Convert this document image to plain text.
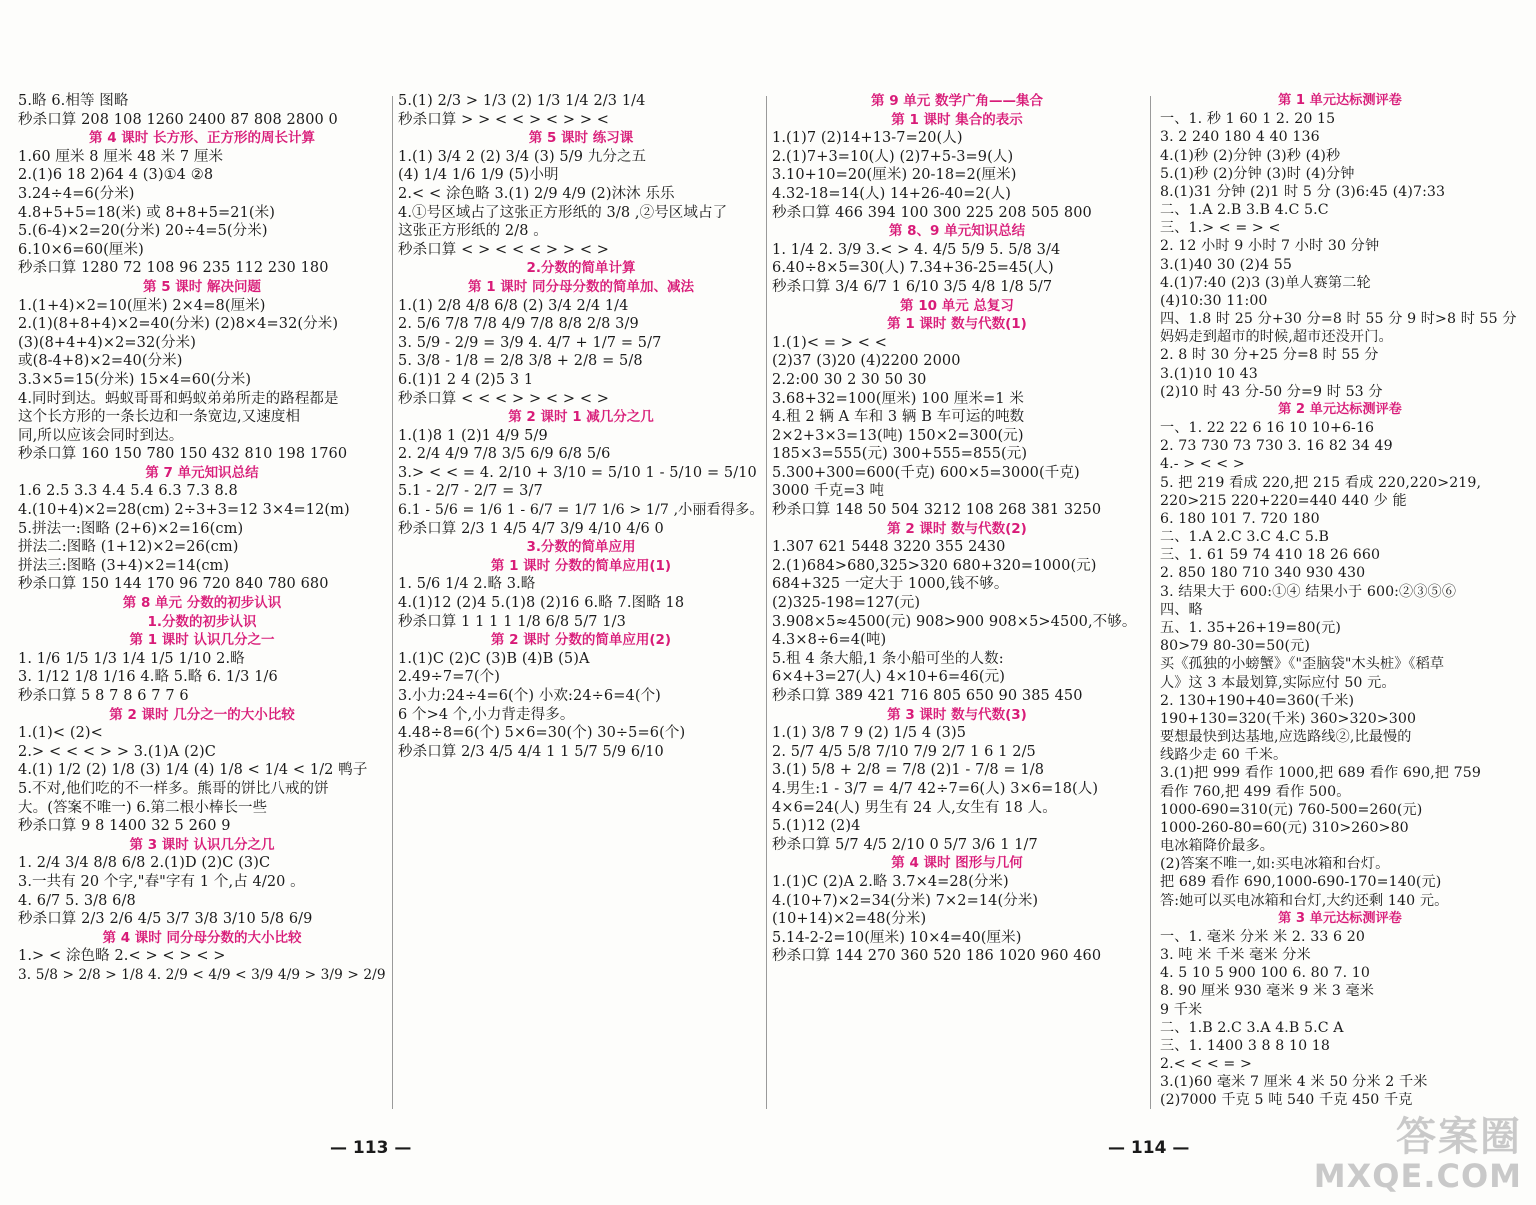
5.略 6.相等 图略
秒杀口算 208 108 1260 2400 87 808 2800 0
第 4 课时 长方形、正方形的周长计算
1.60 厘米 8 厘米 48 米 7 厘米
2.(1)6 18 2)64 4 (3)①4 ②8
3.24÷4=6(分米)
4.8+5+5=18(米) 或 8+8+5=21(米)
5.(6-4)×2=20(分米) 20÷4=5(分米)
6.10×6=60(厘米)
秒杀口算 1280 72 108 96 235 112 230 180
第 5 课时 解决问题
1.(1+4)×2=10(厘米) 2×4=8(厘米)
2.(1)(8+8+4)×2=40(分米) (2)8×4=32(分米)
(3)(8+4+4)×2=32(分米)
或(8-4+8)×2=40(分米)
3.3×5=15(分米) 15×4=60(分米)
4.同时到达。蚂蚁哥哥和蚂蚁弟弟所走的路程都是
这个长方形的一条长边和一条宽边,又速度相
同,所以应该会同时到达。
秒杀口算 160 150 780 150 432 810 198 1760
第 7 单元知识总结
1.6 2.5 3.3 4.4 5.4 6.3 7.3 8.8
4.(10+4)×2=28(cm) 2÷3+3=12 3×4=12(m)
5.拼法一:图略 (2+6)×2=16(cm)
拼法二:图略 (1+12)×2=26(cm)
拼法三:图略 (3+4)×2=14(cm)
秒杀口算 150 144 170 96 720 840 780 680
第 8 单元 分数的初步认识
1.分数的初步认识
第 1 课时 认识几分之一
1. 1/6 1/5 1/3 1/4 1/5 1/10 2.略
3. 1/12 1/8 1/16 4.略 5.略 6. 1/3 1/6
秒杀口算 5 8 7 8 6 7 7 6
第 2 课时 几分之一的大小比较
1.(1)< (2)<
2.> < < < > > 3.(1)A (2)C
4.(1) 1/2 (2) 1/8 (3) 1/4 (4) 1/8 < 1/4 < 1/2 鸭子
5.不对,他们吃的不一样多。熊哥的饼比八戒的饼
大。(答案不唯一) 6.第二根小棒长一些
秒杀口算 9 8 1400 32 5 260 9
第 3 课时 认识几分之几
1. 2/4 3/4 8/8 6/8 2.(1)D (2)C (3)C
3.一共有 20 个字,"春"字有 1 个,占 4/20 。
4. 6/7 5. 3/8 6/8
秒杀口算 2/3 2/6 4/5 3/7 3/8 3/10 5/8 6/9
第 4 课时 同分母分数的大小比较
1.> < 涂色略 2.< > < > < >
3. 5/8 > 2/8 > 1/8 4. 2/9 < 4/9 < 3/9 4/9 > 3/9 > 2/9
5.(1) 2/3 > 1/3 (2) 1/3 1/4 2/3 1/4
秒杀口算 > > < < > < > > <
第 5 课时 练习课
1.(1) 3/4 2 (2) 3/4 (3) 5/9 九分之五
(4) 1/4 1/6 1/9 (5)小明
2.< < 涂色略 3.(1) 2/9 4/9 (2)沐沐 乐乐
4.①号区域占了这张正方形纸的 3/8 ,②号区域占了
这张正方形纸的 2/8 。
秒杀口算 < > < < < > > < >
2.分数的简单计算
第 1 课时 同分母分数的简单加、减法
1.(1) 2/8 4/8 6/8 (2) 3/4 2/4 1/4
2. 5/6 7/8 7/8 4/9 7/8 8/8 2/8 3/9
3. 5/9 - 2/9 = 3/9 4. 4/7 + 1/7 = 5/7
5. 3/8 - 1/8 = 2/8 3/8 + 2/8 = 5/8
6.(1)1 2 4 (2)5 3 1
秒杀口算 < < < > > < > < >
第 2 课时 1 减几分之几
1.(1)8 1 (2)1 4/9 5/9
2. 2/4 4/9 7/8 3/5 6/9 6/8 5/6
3.> < < = 4. 2/10 + 3/10 = 5/10 1 - 5/10 = 5/10
5.1 - 2/7 - 2/7 = 3/7
6.1 - 5/6 = 1/6 1 - 6/7 = 1/7 1/6 > 1/7 ,小丽看得多。
秒杀口算 2/3 1 4/5 4/7 3/9 4/10 4/6 0
3.分数的简单应用
第 1 课时 分数的简单应用(1)
1. 5/6 1/4 2.略 3.略
4.(1)12 (2)4 5.(1)8 (2)16 6.略 7.图略 18
秒杀口算 1 1 1 1 1/8 6/8 5/7 1/3
第 2 课时 分数的简单应用(2)
1.(1)C (2)C (3)B (4)B (5)A
2.49÷7=7(个)
3.小力:24÷4=6(个) 小欢:24÷6=4(个)
6 个>4 个,小力背走得多。
4.48÷8=6(个) 5×6=30(个) 30÷5=6(个)
秒杀口算 2/3 4/5 4/4 1 1 5/7 5/9 6/10
第 9 单元 数学广角——集合
第 1 课时 集合的表示
1.(1)7 (2)14+13-7=20(人)
2.(1)7+3=10(人) (2)7+5-3=9(人)
3.10+10=20(厘米) 20-18=2(厘米)
4.32-18=14(人) 14+26-40=2(人)
秒杀口算 466 394 100 300 225 208 505 800
第 8、9 单元知识总结
1. 1/4 2. 3/9 3.< > 4. 4/5 5/9 5. 5/8 3/4
6.40÷8×5=30(人) 7.34+36-25=45(人)
秒杀口算 3/4 6/7 1 6/10 3/5 4/8 1/8 5/7
第 10 单元 总复习
第 1 课时 数与代数(1)
1.(1)< = > < <
(2)37 (3)20 (4)2200 2000
2.2:00 30 2 30 50 30
3.68+32=100(厘米) 100 厘米=1 米
4.租 2 辆 A 车和 3 辆 B 车可运的吨数
2×2+3×3=13(吨) 150×2=300(元)
185×3=555(元) 300+555=855(元)
5.300+300=600(千克) 600×5=3000(千克)
3000 千克=3 吨
秒杀口算 148 50 504 3212 108 268 381 3250
第 2 课时 数与代数(2)
1.307 621 5448 3220 355 2430
2.(1)684>680,325>320 680+320=1000(元)
684+325 一定大于 1000,钱不够。
(2)325-198=127(元)
3.908×5≈4500(元) 908>900 908×5>4500,不够。
4.3×8÷6=4(吨)
5.租 4 条大船,1 条小船可坐的人数:
6×4+3=27(人) 4×10+6=46(元)
秒杀口算 389 421 716 805 650 90 385 450
第 3 课时 数与代数(3)
1.(1) 3/8 7 9 (2) 1/5 4 (3)5
2. 5/7 4/5 5/8 7/10 7/9 2/7 1 6 1 2/5
3.(1) 5/8 + 2/8 = 7/8 (2)1 - 7/8 = 1/8
4.男生:1 - 3/7 = 4/7 42÷7=6(人) 3×6=18(人)
4×6=24(人) 男生有 24 人,女生有 18 人。
5.(1)12 (2)4
秒杀口算 5/7 4/5 2/10 0 5/7 3/6 1 1/7
第 4 课时 图形与几何
1.(1)C (2)A 2.略 3.7×4=28(分米)
4.(10+7)×2=34(分米) 7×2=14(分米)
(10+14)×2=48(分米)
5.14-2-2=10(厘米) 10×4=40(厘米)
秒杀口算 144 270 360 520 186 1020 960 460
第 1 单元达标测评卷
一、1. 秒 1 60 1 2. 20 15
3. 2 240 180 4 40 136
4.(1)秒 (2)分钟 (3)秒 (4)秒
5.(1)秒 (2)分钟 (3)时 (4)分钟
8.(1)31 分钟 (2)1 时 5 分 (3)6:45 (4)7:33
二、1.A 2.B 3.B 4.C 5.C
三、1.> < = > <
2. 12 小时 9 小时 7 小时 30 分钟
3.(1)40 30 (2)4 55
4.(1)7:40 (2)3 (3)单人赛第二轮
(4)10:30 11:00
四、1.8 时 25 分+30 分=8 时 55 分 9 时>8 时 55 分
妈妈走到超市的时候,超市还没开门。
2. 8 时 30 分+25 分=8 时 55 分
3.(1)10 10 43
(2)10 时 43 分-50 分=9 时 53 分
第 2 单元达标测评卷
一、1. 22 22 6 16 10 10+6-16
2. 73 730 73 730 3. 16 82 34 49
4.- > < < >
5. 把 219 看成 220,把 215 看成 220,220>219,
220>215 220+220=440 440 少 能
6. 180 101 7. 720 180
二、1.A 2.C 3.C 4.C 5.B
三、1. 61 59 74 410 18 26 660
2. 850 180 710 340 930 430
3. 结果大于 600:①④ 结果小于 600:②③⑤⑥
四、略
五、1. 35+26+19=80(元)
80>79 80-30=50(元)
买《孤独的小螃蟹》《"歪脑袋"木头桩》《稻草
人》这 3 本最划算,实际应付 50 元。
2. 130+190+40=360(千米)
190+130=320(千米) 360>320>300
要想最快到达基地,应选路线②,比最慢的
线路少走 60 千米。
3.(1)把 999 看作 1000,把 689 看作 690,把 759
看作 760,把 499 看作 500。
1000-690=310(元) 760-500=260(元)
1000-260-80=60(元) 310>260>80
电冰箱降价最多。
(2)答案不唯一,如:买电冰箱和台灯。
把 689 看作 690,1000-690-170=140(元)
答:她可以买电冰箱和台灯,大约还剩 140 元。
第 3 单元达标测评卷
一、1. 毫米 分米 米 2. 33 6 20
3. 吨 米 千米 毫米 分米
4. 5 10 5 900 100 6. 80 7. 10
8. 90 厘米 930 毫米 9 米 3 毫米
9 千米
二、1.B 2.C 3.A 4.B 5.C A
三、1. 1400 3 8 8 10 18
2.< < < = >
3.(1)60 毫米 7 厘米 4 米 50 分米 2 千米
(2)7000 千克 5 吨 540 千克 450 千克
— 113 —	— 114 —	答案圈
MXQE.COM
